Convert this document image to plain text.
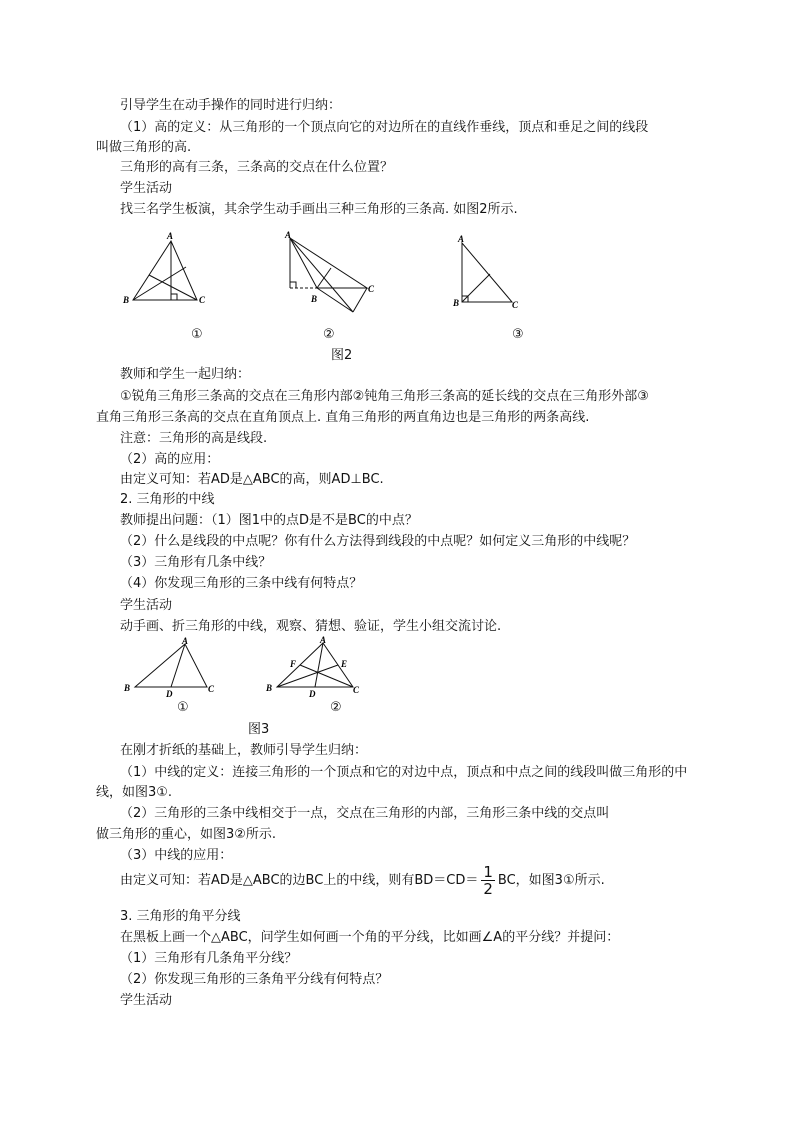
引导学生在动手操作的同时进行归纳：

（1）高的定义：从三角形的一个顶点向它的对边所在的直线作垂线，顶点和垂足之间的线段

叫做三角形的高.

三角形的高有三条，三条高的交点在什么位置？

学生活动

找三名学生板演，其余学生动手画出三种三角形的三条高. 如图2所示.

A
B	C
A
B
C
A
B	C
①	②	③
图2

教师和学生一起归纳：

①锐角三角形三条高的交点在三角形内部②钝角三角形三条高的延长线的交点在三角形外部③

直角三角形三条高的交点在直角顶点上. 直角三角形的两直角边也是三角形的两条高线.

注意：三角形的高是线段.

（2）高的应用：

由定义可知：若AD是△ABC的高，则AD⊥BC.

2. 三角形的中线

教师提出问题：（1）图1中的点D是不是BC的中点？

（2）什么是线段的中点呢？你有什么方法得到线段的中点呢？如何定义三角形的中线呢？

（3）三角形有几条中线？

（4）你发现三角形的三条中线有何特点？

学生活动

动手画、折三角形的中线，观察、猜想、验证，学生小组交流讨论.

A
B	C
D
A
B	C
D
E
F
①	②
图3

在刚才折纸的基础上，教师引导学生归纳：

（1）中线的定义：连接三角形的一个顶点和它的对边中点，顶点和中点之间的线段叫做三角形的中

线，如图3①.

（2）三角形的三条中线相交于一点，交点在三角形的内部，三角形三条中线的交点叫

做三角形的重心，如图3②所示.

（3）中线的应用：

由定义可知：若AD是△ABC的边BC上的中线，则有$BD=CD= \frac{1}{2}$ BC，如图3①所示.

3. 三角形的角平分线

在黑板上画一个△ABC，问学生如何画一个角的平分线，比如画∠A的平分线？并提问：

（1）三角形有几条角平分线？

（2）你发现三角形的三条角平分线有何特点？

学生活动
